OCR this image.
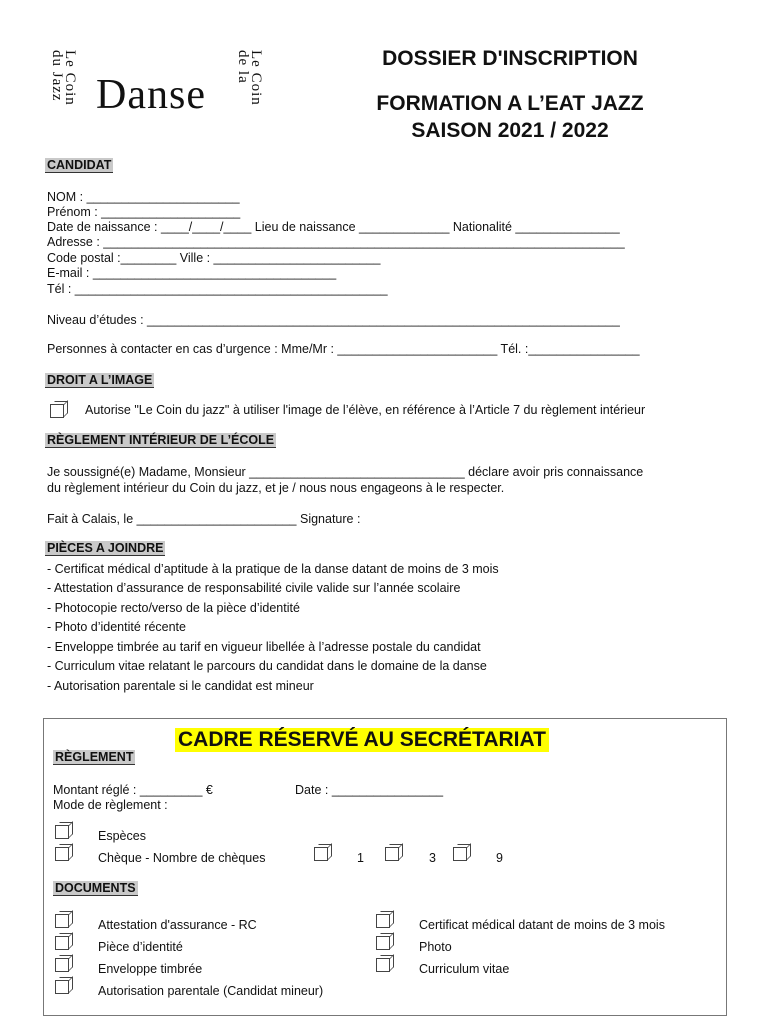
Le Coin du Jazz Danse	Le Coin de la	DOSSIER D'INSCRIPTION
FORMATION A L’EAT JAZZ
SAISON 2021 / 2022
CANDIDAT
NOM : ______________________
Prénom : ____________________
Date de naissance : ____/____/____ Lieu de naissance _____________ Nationalité _______________
Adresse : ___________________________________________________________________________
Code postal :________ Ville : ________________________
E-mail : ___________________________________
Tél : _____________________________________________
Niveau d’études : ____________________________________________________________________
Personnes à contacter en cas d’urgence : Mme/Mr : _______________________ Tél. :________________
DROIT A L’IMAGE
Autorise "Le Coin du jazz" à utiliser l'image de l’élève, en référence à l’Article 7 du règlement intérieur
RÈGLEMENT INTÉRIEUR DE L’ÉCOLE
Je soussigné(e) Madame, Monsieur _______________________________ déclare avoir pris connaissance
du règlement intérieur du Coin du jazz, et je / nous nous engageons à le respecter.
Fait à Calais, le _______________________ Signature :
PIÈCES A JOINDRE
- Certificat médical d’aptitude à la pratique de la danse datant de moins de 3 mois
- Attestation d’assurance de responsabilité civile valide sur l’année scolaire
- Photocopie recto/verso de la pièce d’identité
- Photo d’identité récente
- Enveloppe timbrée au tarif en vigueur libellée à l’adresse postale du candidat
- Curriculum vitae relatant le parcours du candidat dans le domaine de la danse
- Autorisation parentale si le candidat est mineur
CADRE RÉSERVÉ AU SECRÉTARIAT
RÈGLEMENT
Montant réglé : _________ €	Date : ________________
Mode de règlement :
Espèces
Chèque - Nombre de chèques	1	3	9
DOCUMENTS
Attestation d'assurance - RC
Pièce d’identité
Enveloppe timbrée
Autorisation parentale (Candidat mineur)
Certificat médical datant de moins de 3 mois
Photo
Curriculum vitae
